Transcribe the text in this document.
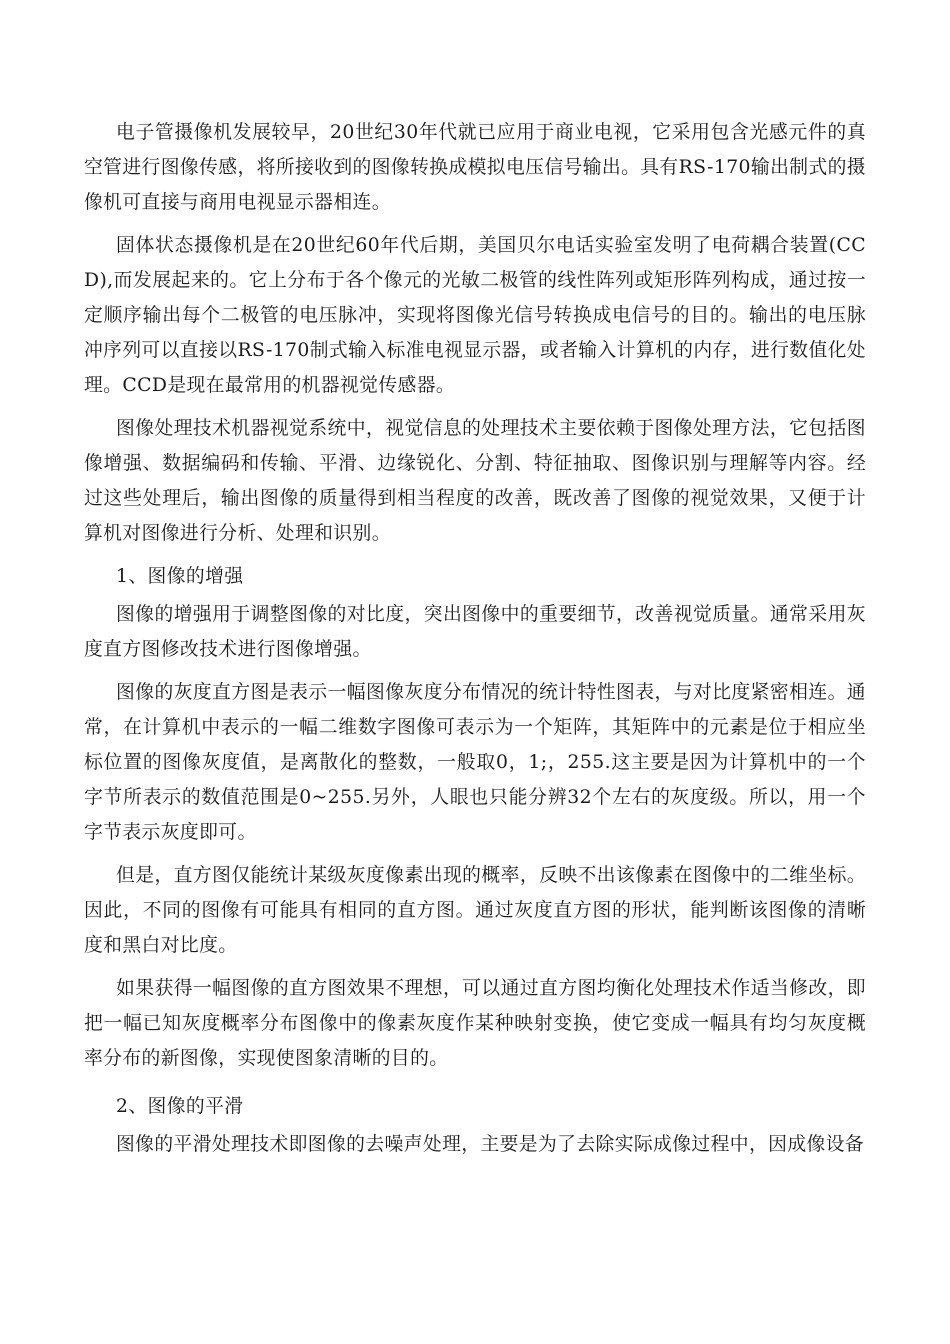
电子管摄像机发展较早，20世纪30年代就已应用于商业电视，它采用包含光感元件的真空管进行图像传感，将所接收到的图像转换成模拟电压信号输出。具有RS-170输出制式的摄像机可直接与商用电视显示器相连。

固体状态摄像机是在20世纪60年代后期，美国贝尔电话实验室发明了电荷耦合装置(CCD),而发展起来的。它上分布于各个像元的光敏二极管的线性阵列或矩形阵列构成，通过按一定顺序输出每个二极管的电压脉冲，实现将图像光信号转换成电信号的目的。输出的电压脉冲序列可以直接以RS-170制式输入标准电视显示器，或者输入计算机的内存，进行数值化处理。CCD是现在最常用的机器视觉传感器。

图像处理技术机器视觉系统中，视觉信息的处理技术主要依赖于图像处理方法，它包括图像增强、数据编码和传输、平滑、边缘锐化、分割、特征抽取、图像识别与理解等内容。经过这些处理后，输出图像的质量得到相当程度的改善，既改善了图像的视觉效果，又便于计算机对图像进行分析、处理和识别。

1、图像的增强

图像的增强用于调整图像的对比度，突出图像中的重要细节，改善视觉质量。通常采用灰度直方图修改技术进行图像增强。

图像的灰度直方图是表示一幅图像灰度分布情况的统计特性图表，与对比度紧密相连。通常，在计算机中表示的一幅二维数字图像可表示为一个矩阵，其矩阵中的元素是位于相应坐标位置的图像灰度值，是离散化的整数，一般取0，1;，255.这主要是因为计算机中的一个字节所表示的数值范围是0~255.另外，人眼也只能分辨32个左右的灰度级。所以，用一个字节表示灰度即可。

但是，直方图仅能统计某级灰度像素出现的概率，反映不出该像素在图像中的二维坐标。因此，不同的图像有可能具有相同的直方图。通过灰度直方图的形状，能判断该图像的清晰度和黑白对比度。

如果获得一幅图像的直方图效果不理想，可以通过直方图均衡化处理技术作适当修改，即把一幅已知灰度概率分布图像中的像素灰度作某种映射变换，使它变成一幅具有均匀灰度概率分布的新图像，实现使图象清晰的目的。

2、图像的平滑

图像的平滑处理技术即图像的去噪声处理，主要是为了去除实际成像过程中，因成像设备
